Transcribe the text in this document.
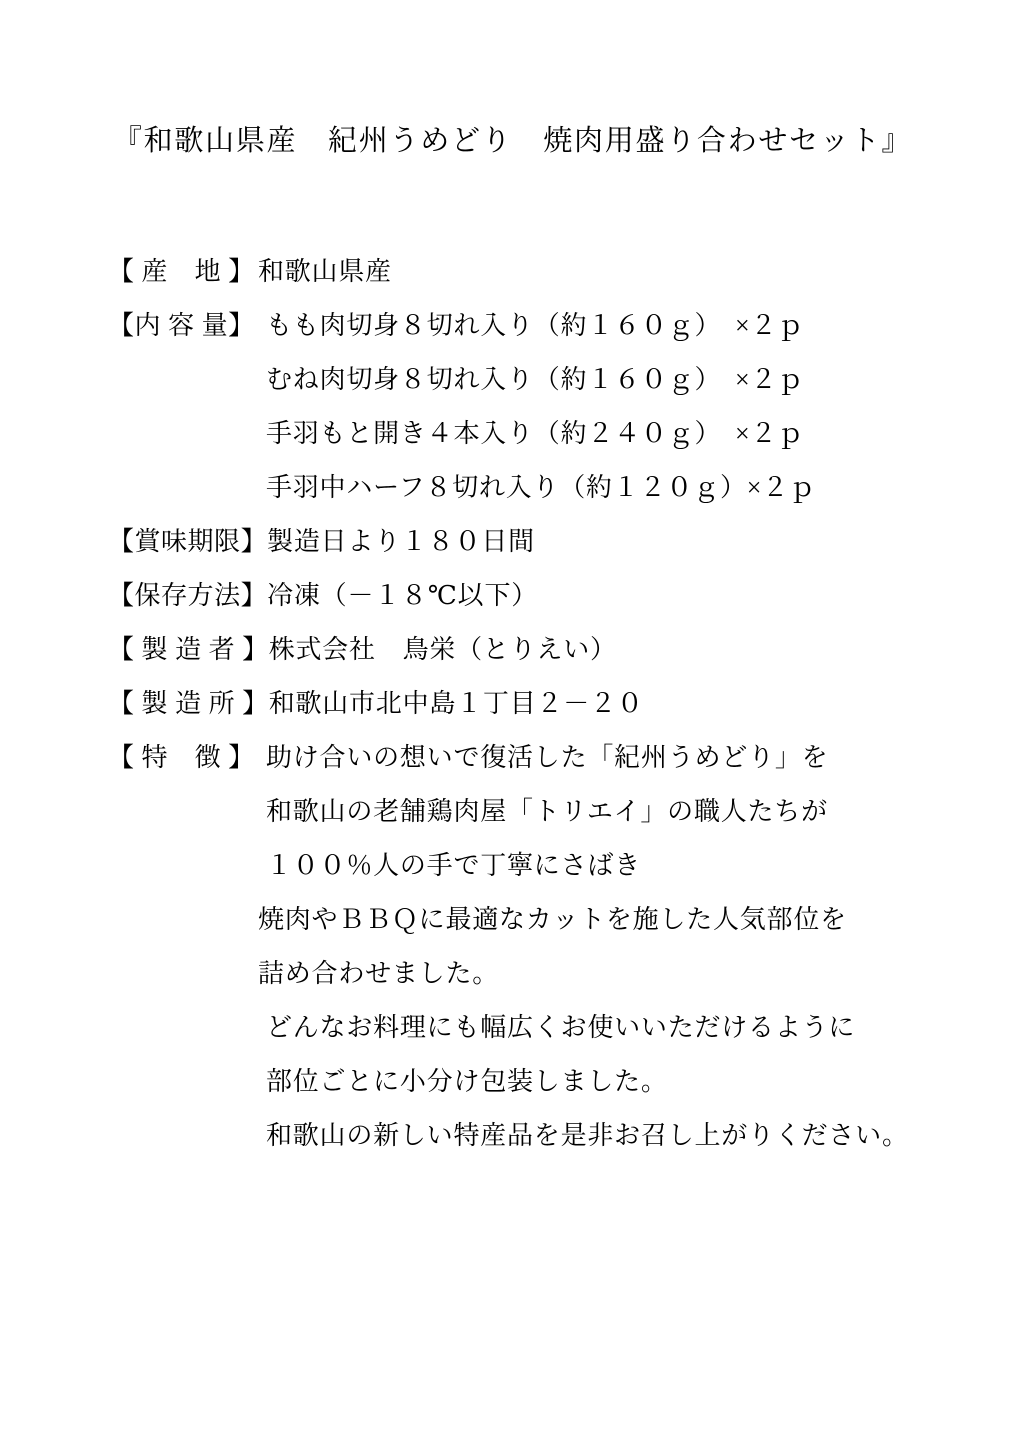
『和歌山県産　紀州うめどり　焼肉用盛り合わせセット』
【 産　地 】 和歌山県産
【内 容 量】 もも肉切身８切れ入り（約１６０ｇ）　×２ｐ
むね肉切身８切れ入り（約１６０ｇ）　×２ｐ
手羽もと開き４本入り（約２４０ｇ）　×２ｐ
手羽中ハーフ８切れ入り（約１２０ｇ）×２ｐ
【賞味期限】 製造日より１８０日間
【保存方法】 冷凍（－１８℃以下）
【 製 造 者 】 株式会社　鳥栄（とりえい）
【 製 造 所 】 和歌山市北中島１丁目２－２０
【 特　徴 】 助け合いの想いで復活した「紀州うめどり」を
和歌山の老舗鶏肉屋「トリエイ」の職人たちが
１００％人の手で丁寧にさばき
焼肉やＢＢＱに最適なカットを施した人気部位を
詰め合わせました。
どんなお料理にも幅広くお使いいただけるように
部位ごとに小分け包装しました。
和歌山の新しい特産品を是非お召し上がりください。
